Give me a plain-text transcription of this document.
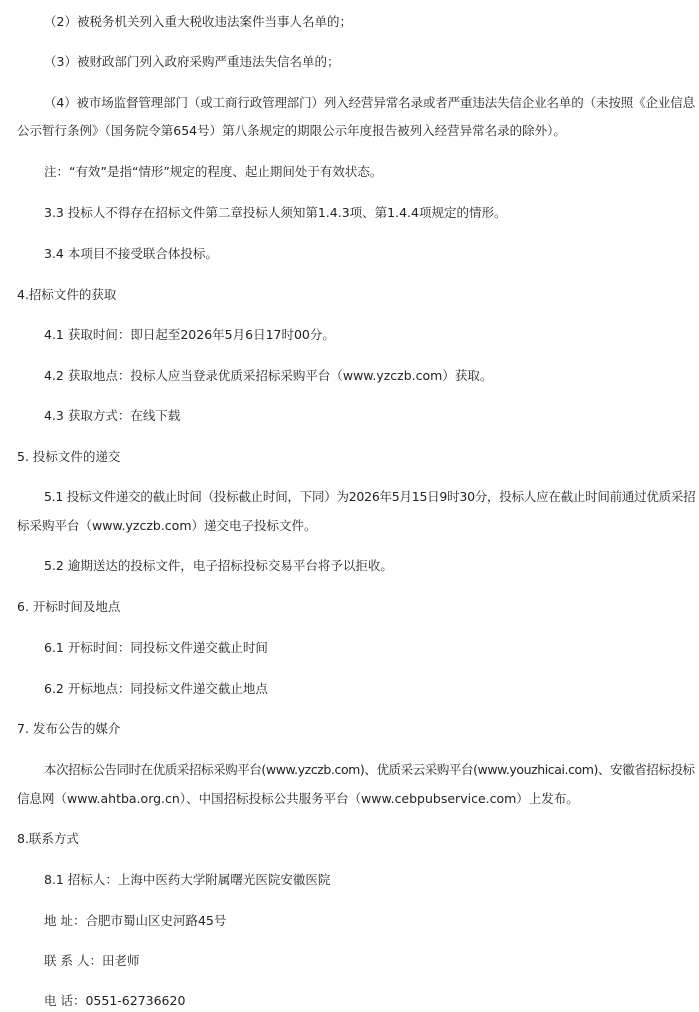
（2）被税务机关列入重大税收违法案件当事人名单的；
（3）被财政部门列入政府采购严重违法失信名单的；
（4）被市场监督管理部门（或工商行政管理部门）列入经营异常名录或者严重违法失信企业名单的（未按照《企业信息
公示暂行条例》（国务院令第654号）第八条规定的期限公示年度报告被列入经营异常名录的除外）。
注：“有效”是指“情形”规定的程度、起止期间处于有效状态。
3.3 投标人不得存在招标文件第二章投标人须知第1.4.3项、第1.4.4项规定的情形。
3.4 本项目不接受联合体投标。
4.招标文件的获取
4.1 获取时间：即日起至2026年5月6日17时00分。
4.2 获取地点：投标人应当登录优质采招标采购平台（www.yzczb.com）获取。
4.3 获取方式：在线下载
5. 投标文件的递交
5.1 投标文件递交的截止时间（投标截止时间，下同）为2026年5月15日9时30分，投标人应在截止时间前通过优质采招
标采购平台（www.yzczb.com）递交电子投标文件。
5.2 逾期送达的投标文件，电子招标投标交易平台将予以拒收。
6. 开标时间及地点
6.1 开标时间：同投标文件递交截止时间
6.2 开标地点：同投标文件递交截止地点
7. 发布公告的媒介
本次招标公告同时在优质采招标采购平台(www.yzczb.com)、优质采云采购平台(www.youzhicai.com)、安徽省招标投标
信息网（www.ahtba.org.cn）、中国招标投标公共服务平台（www.cebpubservice.com）上发布。
8.联系方式
8.1 招标人：上海中医药大学附属曙光医院安徽医院
地 址：合肥市蜀山区史河路45号
联 系 人：田老师
电 话：0551-62736620
